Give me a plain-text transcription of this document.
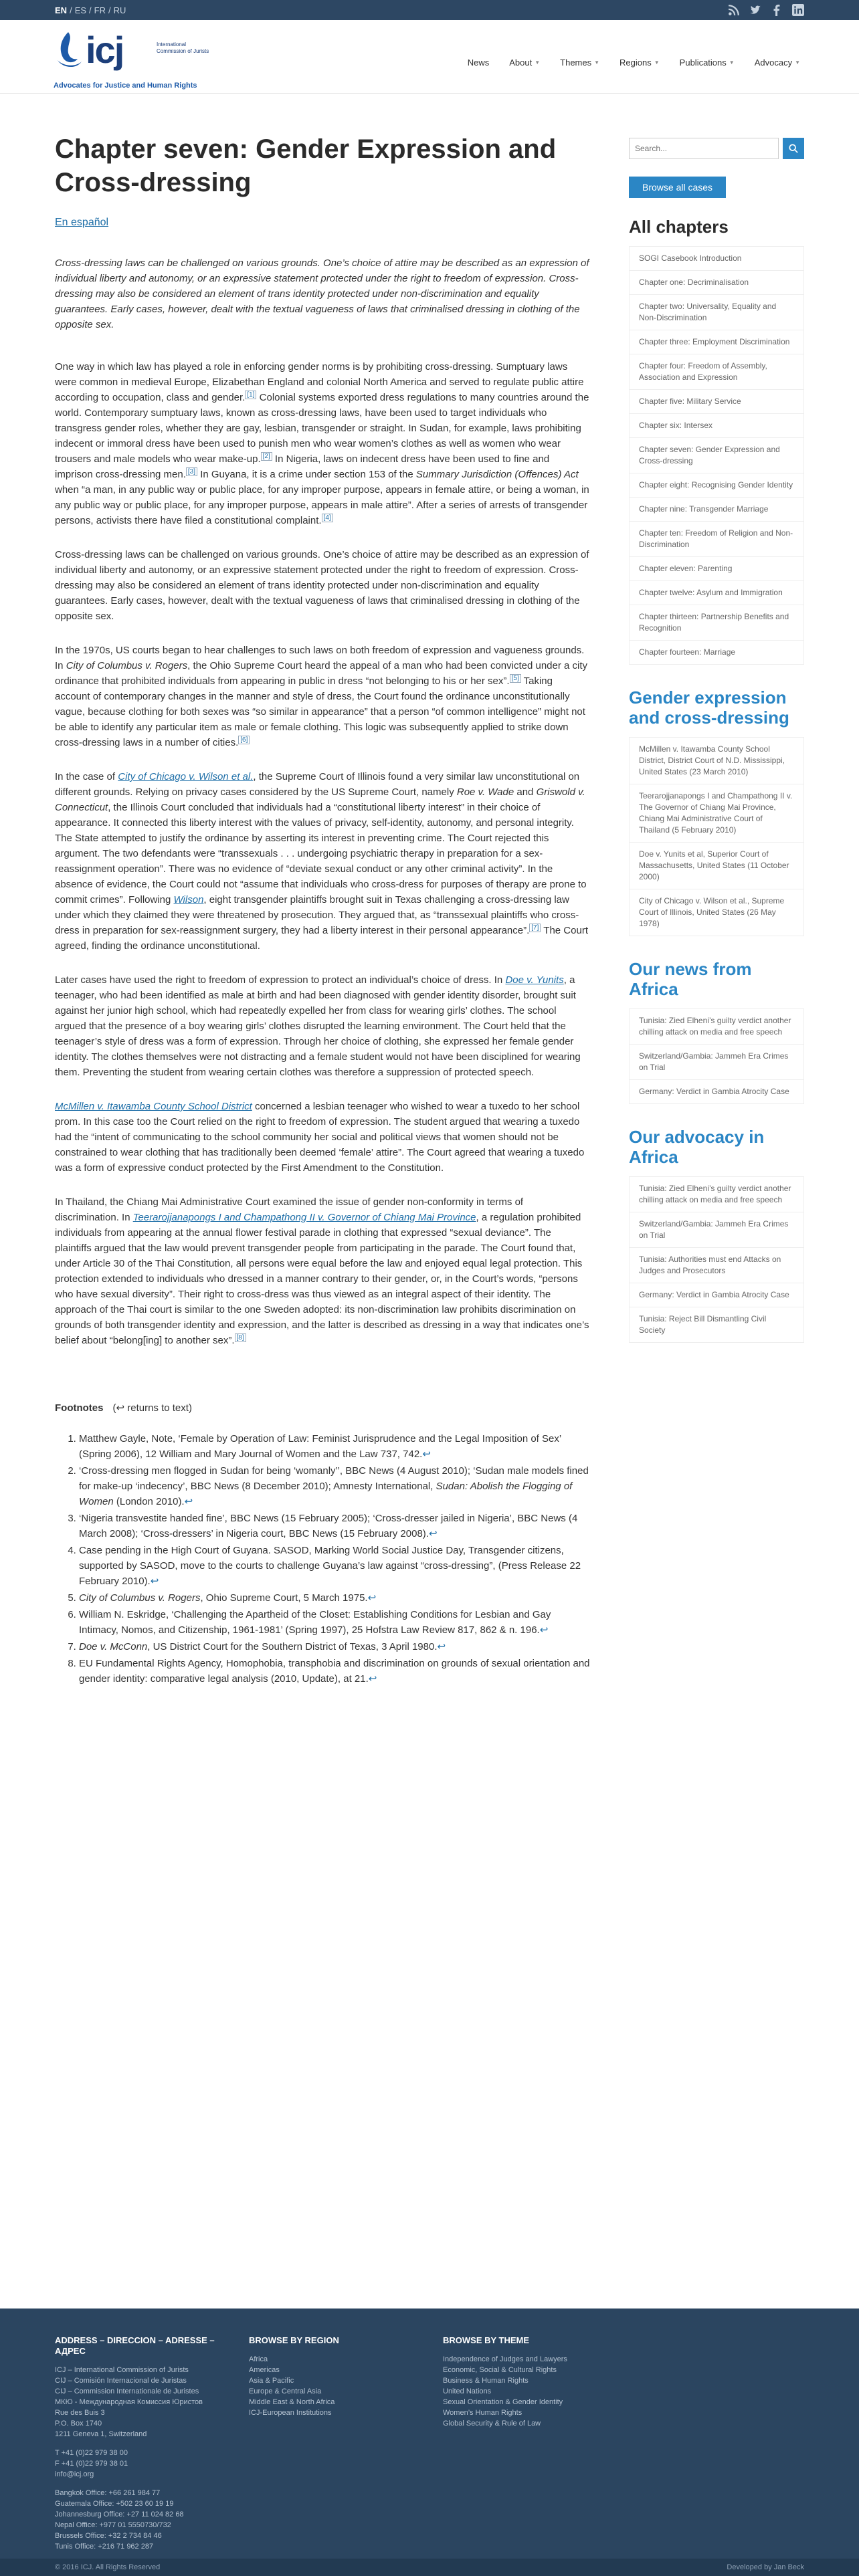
EN / ES / FR / RU
icj	International Commission of Jurists
Advocates for Justice and Human Rights
News About ▼ Themes ▼ Regions ▼ Publications ▼ Advocacy ▼
Chapter seven: Gender Expression and Cross-dressing
En español

Cross-dressing laws can be challenged on various grounds. One’s choice of attire may be described as an expression of individual liberty and autonomy, or an expressive statement protected under the right to freedom of expression. Cross-dressing may also be considered an element of trans identity protected under non-discrimination and equality guarantees. Early cases, however, dealt with the textual vagueness of laws that criminalised dressing in clothing of the opposite sex.

One way in which law has played a role in enforcing gender norms is by prohibiting cross-dressing. Sumptuary laws were common in medieval Europe, Elizabethan England and colonial North America and served to regulate public attire according to occupation, class and gender. [1] Colonial systems exported dress regulations to many countries around the world. Contemporary sumptuary laws, known as cross-dressing laws, have been used to target individuals who transgress gender roles, whether they are gay, lesbian, transgender or straight. In Sudan, for example, laws prohibiting indecent or immoral dress have been used to punish men who wear women’s clothes as well as women who wear trousers and male models who wear make-up. [2] In Nigeria, laws on indecent dress have been used to fine and imprison cross-dressing men. [3] In Guyana, it is a crime under section 153 of the Summary Jurisdiction (Offences) Act when “a man, in any public way or public place, for any improper purpose, appears in female attire, or being a woman, in any public way or public place, for any improper purpose, appears in male attire”. After a series of arrests of transgender persons, activists there have filed a constitutional complaint. [4]

Cross-dressing laws can be challenged on various grounds. One’s choice of attire may be described as an expression of individual liberty and autonomy, or an expressive statement protected under the right to freedom of expression. Cross-dressing may also be considered an element of trans identity protected under non-discrimination and equality guarantees. Early cases, however, dealt with the textual vagueness of laws that criminalised dressing in clothing of the opposite sex.

In the 1970s, US courts began to hear challenges to such laws on both freedom of expression and vagueness grounds. In City of Columbus v. Rogers, the Ohio Supreme Court heard the appeal of a man who had been convicted under a city ordinance that prohibited individuals from appearing in public in dress “not belonging to his or her sex”. [5] Taking account of contemporary changes in the manner and style of dress, the Court found the ordinance unconstitutionally vague, because clothing for both sexes was “so similar in appearance” that a person “of common intelligence” might not be able to identify any particular item as male or female clothing. This logic was subsequently applied to strike down cross-dressing laws in a number of cities. [6]

In the case of City of Chicago v. Wilson et al., the Supreme Court of Illinois found a very similar law unconstitutional on different grounds. Relying on privacy cases considered by the US Supreme Court, namely Roe v. Wade and Griswold v. Connecticut, the Illinois Court concluded that individuals had a “constitutional liberty interest” in their choice of appearance. It connected this liberty interest with the values of privacy, self-identity, autonomy, and personal integrity. The State attempted to justify the ordinance by asserting its interest in preventing crime. The Court rejected this argument. The two defendants were “transsexuals . . . undergoing psychiatric therapy in preparation for a sex-reassignment operation”. There was no evidence of “deviate sexual conduct or any other criminal activity”. In the absence of evidence, the Court could not “assume that individuals who cross-dress for purposes of therapy are prone to commit crimes”. Following Wilson, eight transgender plaintiffs brought suit in Texas challenging a cross-dressing law under which they claimed they were threatened by prosecution. They argued that, as “transsexual plaintiffs who cross-dress in preparation for sex-reassignment surgery, they had a liberty interest in their personal appearance”. [7] The Court agreed, finding the ordinance unconstitutional.

Later cases have used the right to freedom of expression to protect an individual’s choice of dress. In Doe v. Yunits, a teenager, who had been identified as male at birth and had been diagnosed with gender identity disorder, brought suit against her junior high school, which had repeatedly expelled her from class for wearing girls’ clothes. The school argued that the presence of a boy wearing girls’ clothes disrupted the learning environment. The Court held that the teenager’s style of dress was a form of expression. Through her choice of clothing, she expressed her female gender identity. The clothes themselves were not distracting and a female student would not have been disciplined for wearing them. Preventing the student from wearing certain clothes was therefore a suppression of protected speech.

McMillen v. Itawamba County School District concerned a lesbian teenager who wished to wear a tuxedo to her school prom. In this case too the Court relied on the right to freedom of expression. The student argued that wearing a tuxedo had the “intent of communicating to the school community her social and political views that women should not be constrained to wear clothing that has traditionally been deemed ‘female’ attire”. The Court agreed that wearing a tuxedo was a form of expressive conduct protected by the First Amendment to the Constitution.

In Thailand, the Chiang Mai Administrative Court examined the issue of gender non-conformity in terms of discrimination. In Teerarojjanapongs I and Champathong II v. Governor of Chiang Mai Province, a regulation prohibited individuals from appearing at the annual flower festival parade in clothing that expressed “sexual deviance”. The plaintiffs argued that the law would prevent transgender people from participating in the parade. The Court found that, under Article 30 of the Thai Constitution, all persons were equal before the law and enjoyed equal legal protection. This protection extended to individuals who dressed in a manner contrary to their gender, or, in the Court’s words, “persons who have sexual diversity”. Their right to cross-dress was thus viewed as an integral aspect of their identity. The approach of the Thai court is similar to the one Sweden adopted: its non-discrimination law prohibits discrimination on grounds of both transgender identity and expression, and the latter is described as dressing in a way that indicates one’s belief about “belong[ing] to another sex”. [8]

Footnotes (↩ returns to text)
1. Matthew Gayle, Note, ‘Female by Operation of Law: Feminist Jurisprudence and the Legal Imposition of Sex’ (Spring 2006), 12 William and Mary Journal of Women and the Law 737, 742.↩
2. ‘Cross-dressing men flogged in Sudan for being ‘womanly’’, BBC News (4 August 2010); ‘Sudan male models fined for make-up ‘indecency’, BBC News (8 December 2010); Amnesty International, Sudan: Abolish the Flogging of Women (London 2010).↩
3. ‘Nigeria transvestite handed fine’, BBC News (15 February 2005); ‘Cross-dresser jailed in Nigeria’, BBC News (4 March 2008); ‘Cross-dressers’ in Nigeria court, BBC News (15 February 2008).↩
4. Case pending in the High Court of Guyana. SASOD, Marking World Social Justice Day, Transgender citizens, supported by SASOD, move to the courts to challenge Guyana’s law against “cross-dressing”, (Press Release 22 February 2010).↩
5. City of Columbus v. Rogers, Ohio Supreme Court, 5 March 1975.↩
6. William N. Eskridge, ‘Challenging the Apartheid of the Closet: Establishing Conditions for Lesbian and Gay Intimacy, Nomos, and Citizenship, 1961-1981’ (Spring 1997), 25 Hofstra Law Review 817, 862 & n. 196.↩
7. Doe v. McConn, US District Court for the Southern District of Texas, 3 April 1980.↩
8. EU Fundamental Rights Agency, Homophobia, transphobia and discrimination on grounds of sexual orientation and gender identity: comparative legal analysis (2010, Update), at 21.↩
Search...
Browse all cases
All chapters
SOGI Casebook Introduction
Chapter one: Decriminalisation
Chapter two: Universality, Equality and Non-Discrimination
Chapter three: Employment Discrimination
Chapter four: Freedom of Assembly, Association and Expression
Chapter five: Military Service
Chapter six: Intersex
Chapter seven: Gender Expression and Cross-dressing
Chapter eight: Recognising Gender Identity
Chapter nine: Transgender Marriage
Chapter ten: Freedom of Religion and Non-Discrimination
Chapter eleven: Parenting
Chapter twelve: Asylum and Immigration
Chapter thirteen: Partnership Benefits and Recognition
Chapter fourteen: Marriage
Gender expression and cross-dressing
McMillen v. Itawamba County School District, District Court of N.D. Mississippi, United States (23 March 2010)
Teerarojjanapongs I and Champathong II v. The Governor of Chiang Mai Province, Chiang Mai Administrative Court of Thailand (5 February 2010)
Doe v. Yunits et al, Superior Court of Massachusetts, United States (11 October 2000)
City of Chicago v. Wilson et al., Supreme Court of Illinois, United States (26 May 1978)
Our news from Africa
Tunisia: Zied Elheni’s guilty verdict another chilling attack on media and free speech
Switzerland/Gambia: Jammeh Era Crimes on Trial
Germany: Verdict in Gambia Atrocity Case
Our advocacy in Africa
Tunisia: Zied Elheni’s guilty verdict another chilling attack on media and free speech
Switzerland/Gambia: Jammeh Era Crimes on Trial
Tunisia: Authorities must end Attacks on Judges and Prosecutors
Germany: Verdict in Gambia Atrocity Case
Tunisia: Reject Bill Dismantling Civil Society
ADDRESS – DIRECCION – ADRESSE – АДРЕС
ICJ – International Commission of Jurists
CIJ – Comisión Internacional de Juristas
CIJ – Commission Internationale de Juristes
МКЮ - Международная Комиссия Юристов
Rue des Buis 3
P.O. Box 1740
1211 Geneva 1, Switzerland
T +41 (0)22 979 38 00
F +41 (0)22 979 38 01
info@icj.org
Bangkok Office: +66 261 984 77
Guatemala Office: +502 23 60 19 19
Johannesburg Office: +27 11 024 82 68
Nepal Office: +977 01 5550730/732
Brussels Office: +32 2 734 84 46
Tunis Office: +216 71 962 287
BROWSE BY REGION
Africa
Americas
Asia & Pacific
Europe & Central Asia
Middle East & North Africa
ICJ-European Institutions
BROWSE BY THEME
Independence of Judges and Lawyers
Economic, Social & Cultural Rights
Business & Human Rights
United Nations
Sexual Orientation & Gender Identity
Women’s Human Rights
Global Security & Rule of Law
© 2016 ICJ. All Rights Reserved	Developed by Jan Beck
